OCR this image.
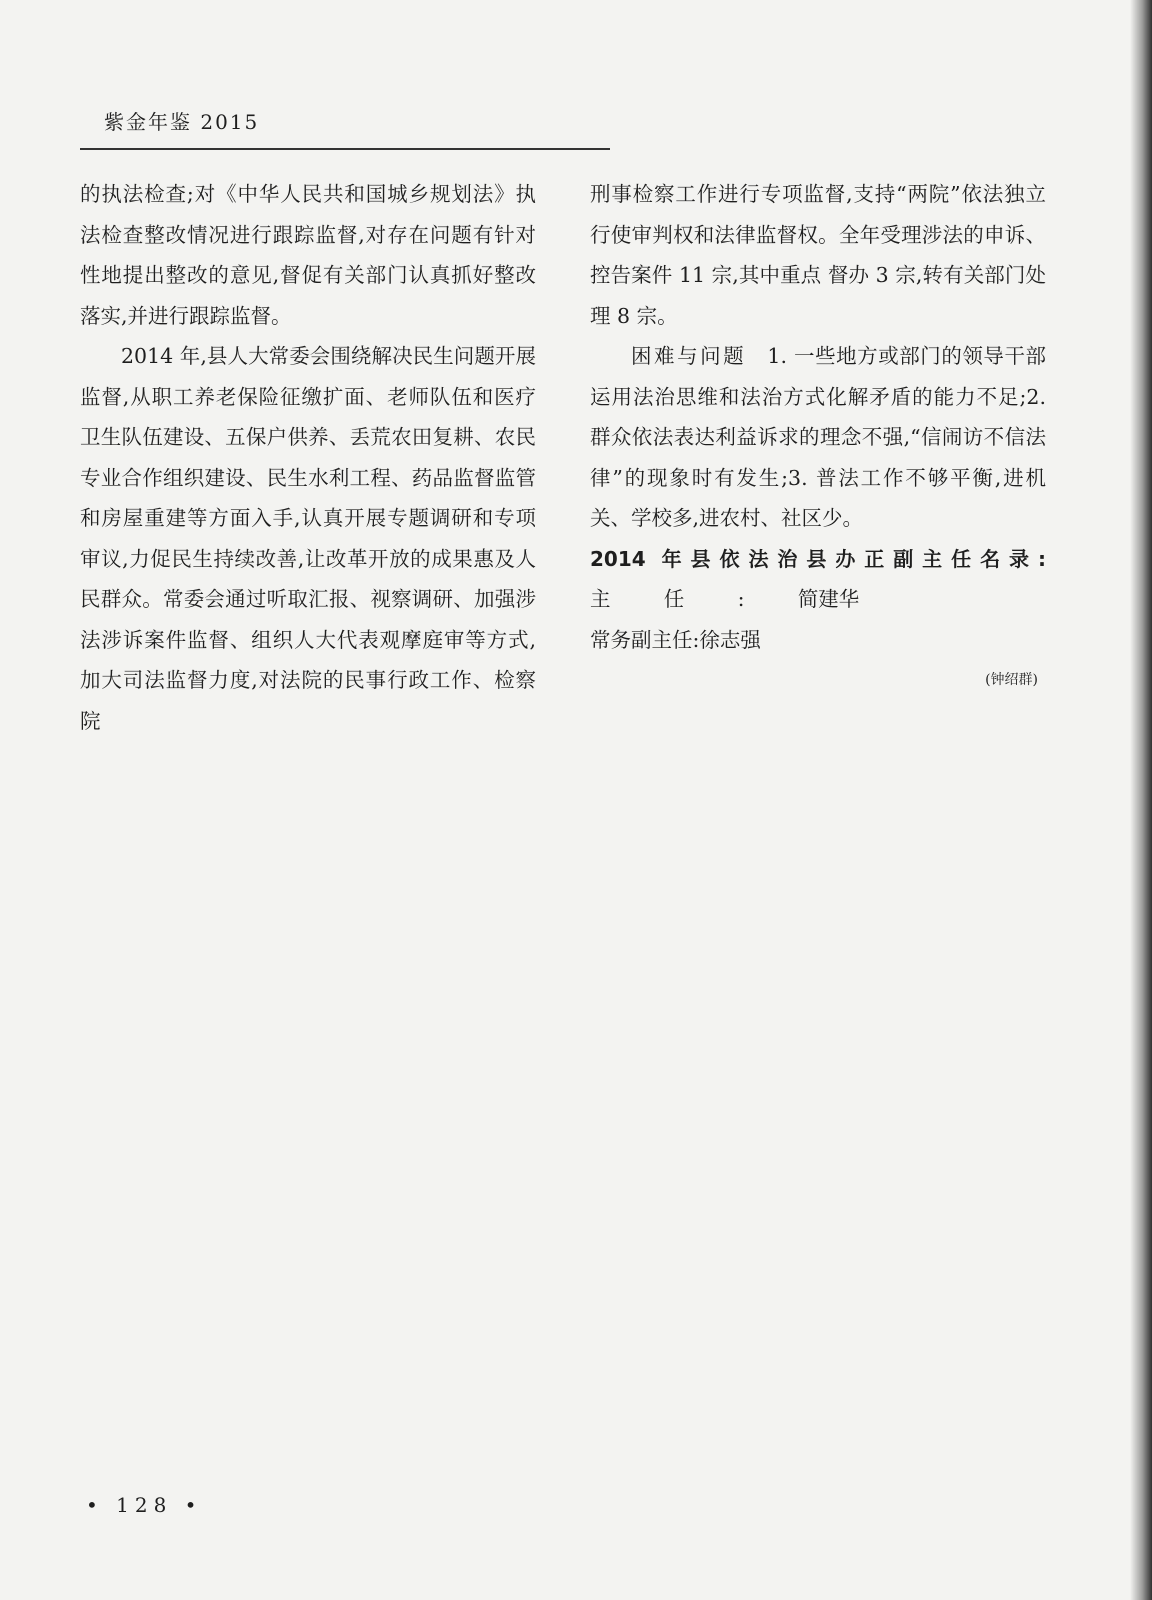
紫金年鉴 2015

的执法检查;对《中华人民共和国城乡规划法》执法检查整改情况进行跟踪监督,对存在问题有针对性地提出整改的意见,督促有关部门认真抓好整改落实,并进行跟踪监督。

2014 年,县人大常委会围绕解决民生问题开展监督,从职工养老保险征缴扩面、老师队伍和医疗卫生队伍建设、五保户供养、丢荒农田复耕、农民专业合作组织建设、民生水利工程、药品监督监管和房屋重建等方面入手,认真开展专题调研和专项审议,力促民生持续改善,让改革开放的成果惠及人民群众。常委会通过听取汇报、视察调研、加强涉法涉诉案件监督、组织人大代表观摩庭审等方式,加大司法监督力度,对法院的民事行政工作、检察院

刑事检察工作进行专项监督,支持“两院”依法独立行使审判权和法律监督权。全年受理涉法的申诉、控告案件 11 宗,其中重点 督办 3 宗,转有关部门处理 8 宗。

困难与问题 1. 一些地方或部门的领导干部运用法治思维和法治方式化解矛盾的能力不足;2. 群众依法表达利益诉求的理念不强,“信闹访不信法律”的现象时有发生;3. 普法工作不够平衡,进机关、学校多,进农村、社区少。

2014 年县依法治县办正副主任名录:

主任:简建华

常务副主任:徐志强

(钟绍群)

• 128 •
